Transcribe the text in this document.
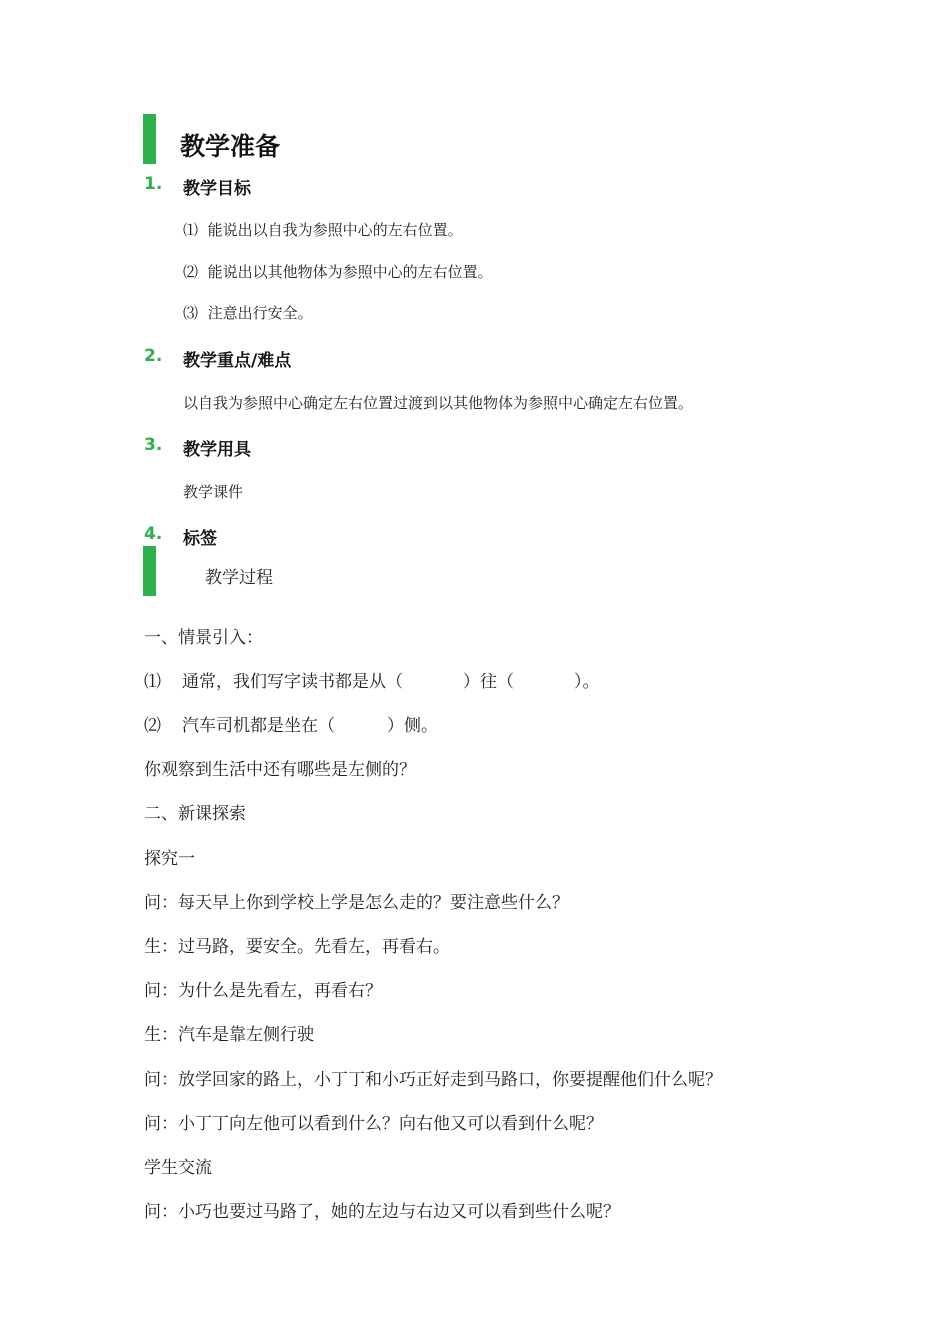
教学准备
1. 教学目标
⑴ 能说出以自我为参照中心的左右位置。
⑵ 能说出以其他物体为参照中心的左右位置。
⑶ 注意出行安全。
2. 教学重点/难点
以自我为参照中心确定左右位置过渡到以其他物体为参照中心确定左右位置。
3. 教学用具
教学课件
4. 标签
教学过程
一、情景引入：
⑴ 通常，我们写字读书都是从（	）往（	）。
⑵ 汽车司机都是坐在（	）侧。
你观察到生活中还有哪些是左侧的？
二、新课探索
探究一
问：每天早上你到学校上学是怎么走的？要注意些什么？
生：过马路，要安全。先看左，再看右。
问：为什么是先看左，再看右？
生：汽车是靠左侧行驶
问：放学回家的路上，小丁丁和小巧正好走到马路口，你要提醒他们什么呢？
问：小丁丁向左他可以看到什么？向右他又可以看到什么呢？
学生交流
问：小巧也要过马路了，她的左边与右边又可以看到些什么呢？
